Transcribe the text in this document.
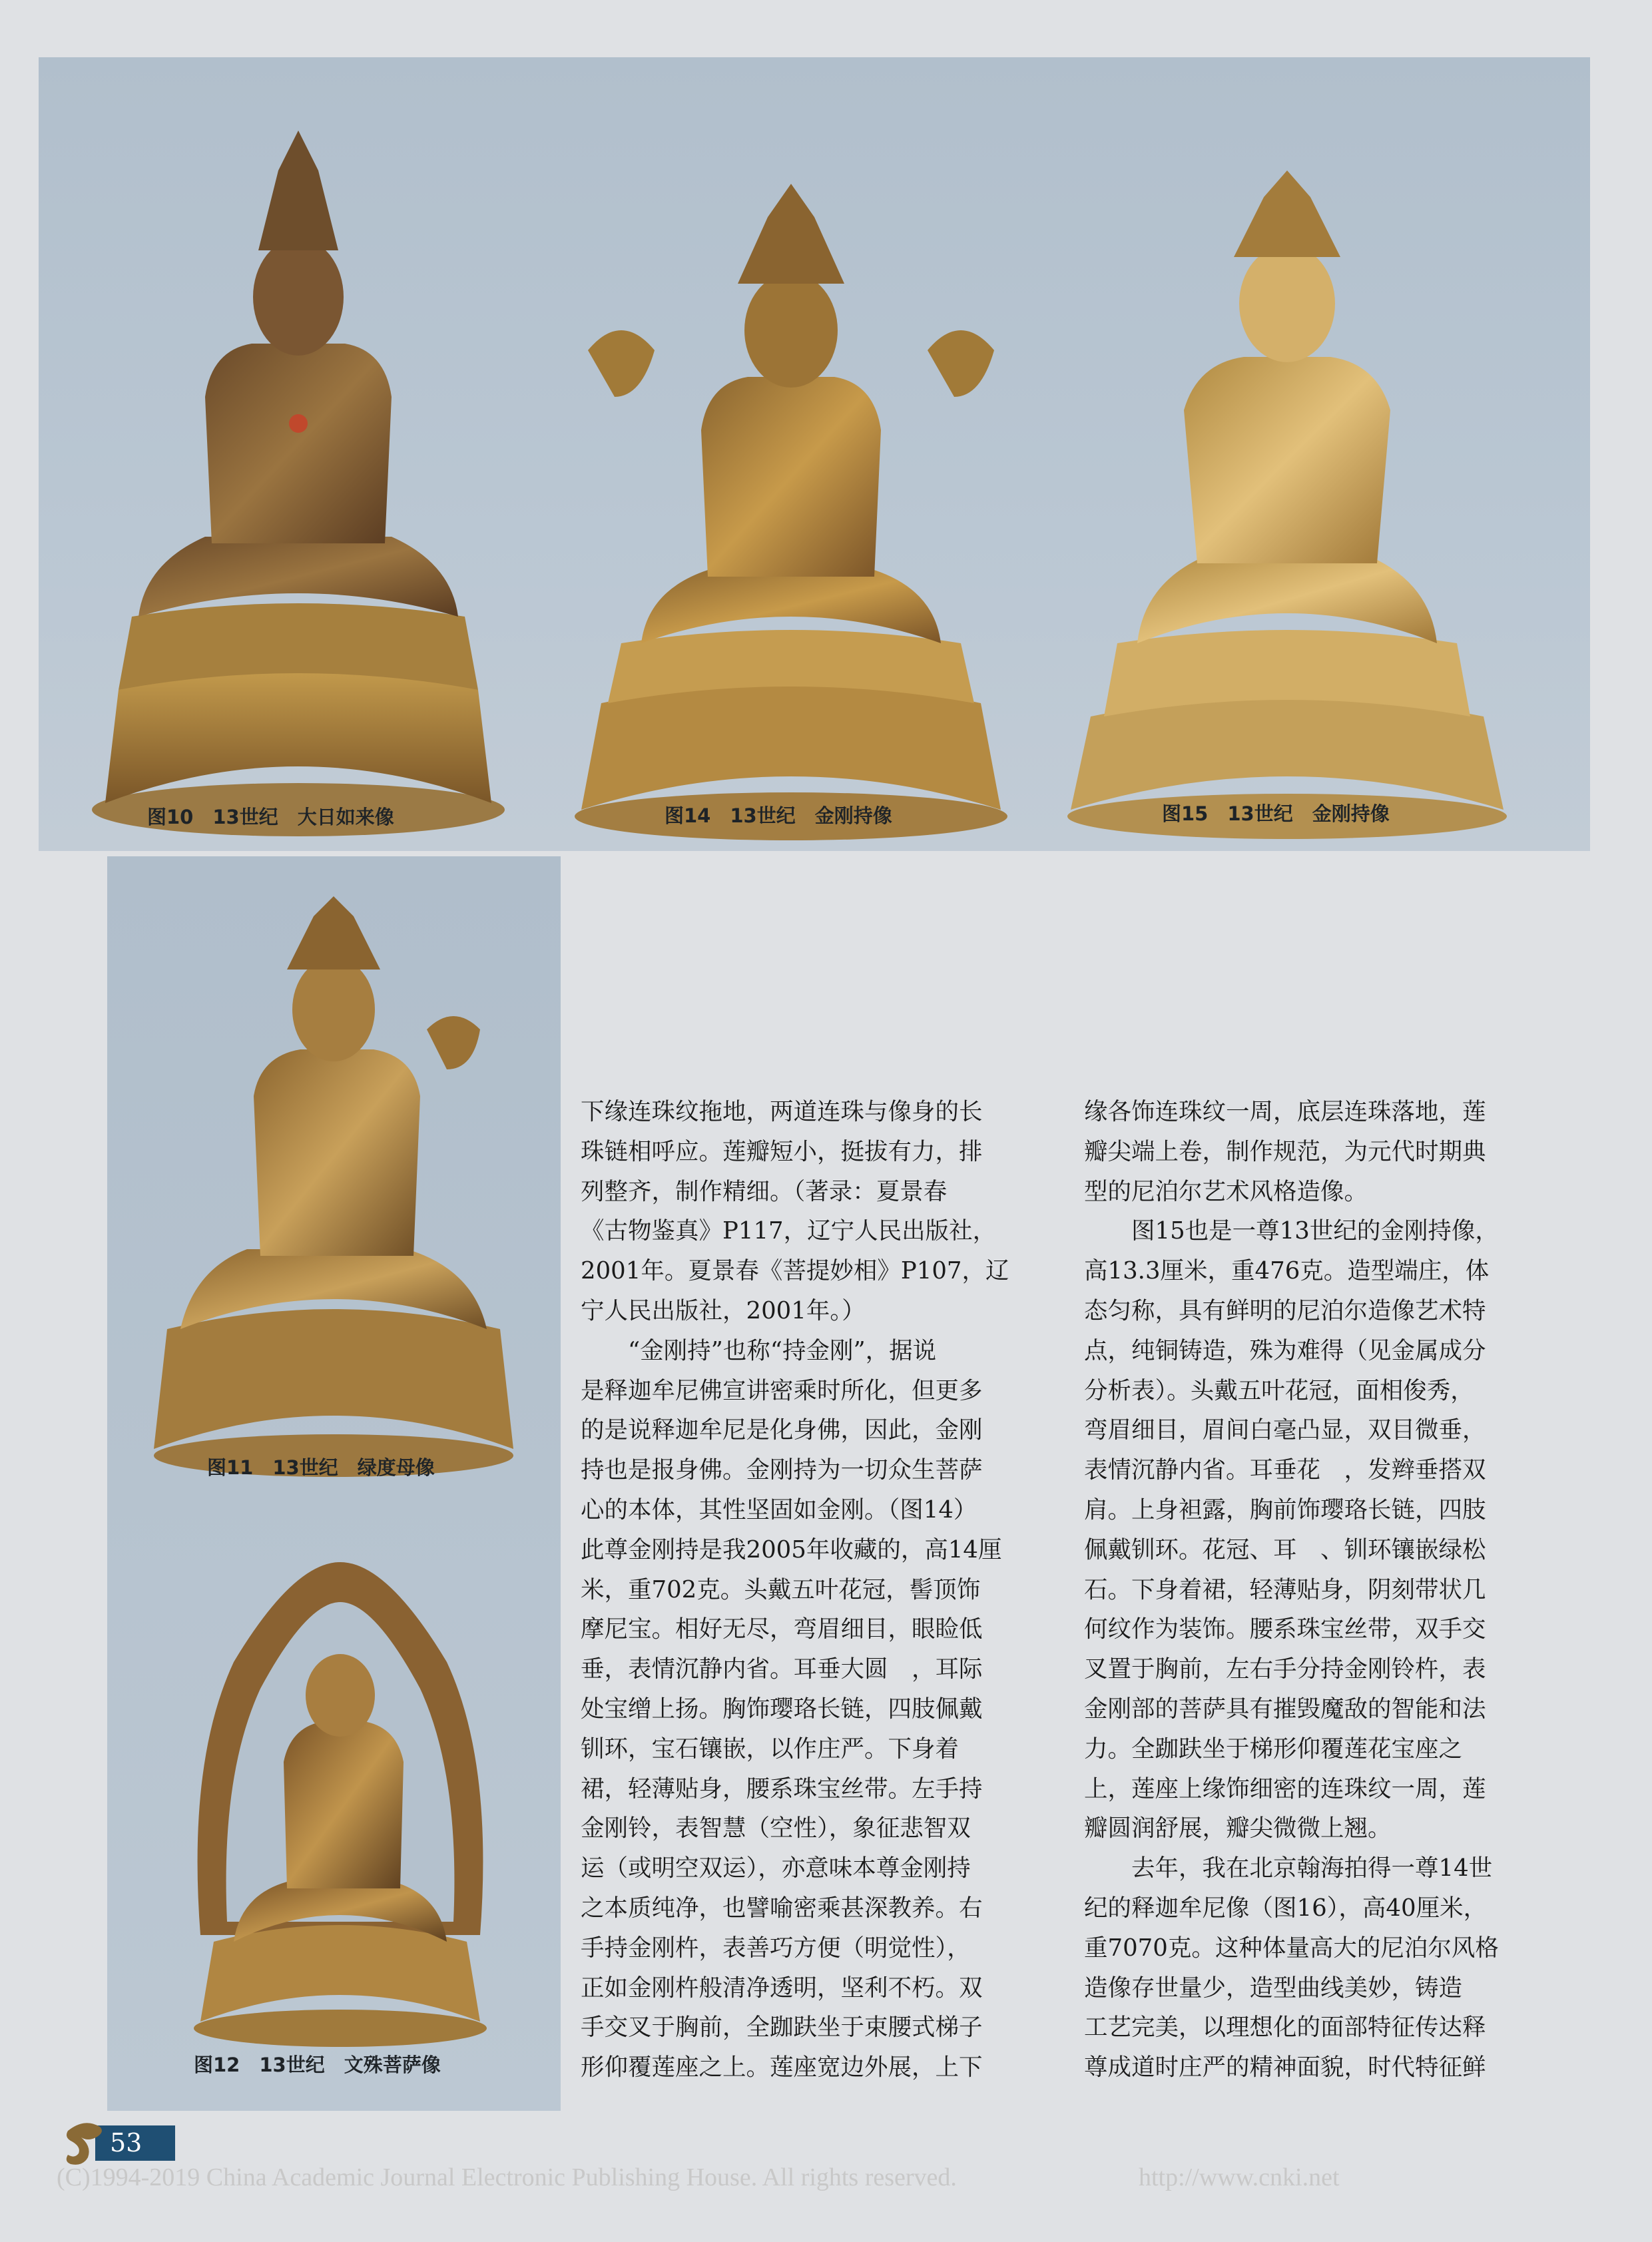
图10　13世纪　大日如来像	图14　13世纪　金刚持像	图15　13世纪　金刚持像
图11　13世纪　绿度母像
图12　13世纪　文殊菩萨像

下缘连珠纹拖地，两道连珠与像身的长

珠链相呼应。莲瓣短小，挺拔有力，排

列整齐，制作精细。（著录：夏景春

《古物鉴真》P117，辽宁人民出版社，

2001年。夏景春《菩提妙相》P107，辽

宁人民出版社，2001年。）

“金刚持”也称“持金刚”，据说

是释迦牟尼佛宣讲密乘时所化，但更多

的是说释迦牟尼是化身佛，因此，金刚

持也是报身佛。金刚持为一切众生菩萨

心的本体，其性坚固如金刚。（图14）

此尊金刚持是我2005年收藏的，高14厘

米，重702克。头戴五叶花冠，髻顶饰

摩尼宝。相好无尽，弯眉细目，眼睑低

垂，表情沉静内省。耳垂大圆　，耳际

处宝缯上扬。胸饰璎珞长链，四肢佩戴

钏环，宝石镶嵌，以作庄严。下身着

裙，轻薄贴身，腰系珠宝丝带。左手持

金刚铃，表智慧（空性），象征悲智双

运（或明空双运），亦意味本尊金刚持

之本质纯净，也譬喻密乘甚深教养。右

手持金刚杵，表善巧方便（明觉性），

正如金刚杵般清净透明，坚利不朽。双

手交叉于胸前，全跏趺坐于束腰式梯子

形仰覆莲座之上。莲座宽边外展，上下

缘各饰连珠纹一周，底层连珠落地，莲

瓣尖端上卷，制作规范，为元代时期典

型的尼泊尔艺术风格造像。

图15也是一尊13世纪的金刚持像，

高13.3厘米，重476克。造型端庄，体

态匀称，具有鲜明的尼泊尔造像艺术特

点，纯铜铸造，殊为难得（见金属成分

分析表）。头戴五叶花冠，面相俊秀，

弯眉细目，眉间白毫凸显，双目微垂，

表情沉静内省。耳垂花　，发辫垂搭双

肩。上身袒露，胸前饰璎珞长链，四肢

佩戴钏环。花冠、耳　、钏环镶嵌绿松

石。下身着裙，轻薄贴身，阴刻带状几

何纹作为装饰。腰系珠宝丝带，双手交

叉置于胸前，左右手分持金刚铃杵，表

金刚部的菩萨具有摧毁魔敌的智能和法

力。全跏趺坐于梯形仰覆莲花宝座之

上，莲座上缘饰细密的连珠纹一周，莲

瓣圆润舒展，瓣尖微微上翘。

去年，我在北京翰海拍得一尊14世

纪的释迦牟尼像（图16），高40厘米，

重7070克。这种体量高大的尼泊尔风格

造像存世量少，造型曲线美妙，铸造

工艺完美，以理想化的面部特征传达释

尊成道时庄严的精神面貌，时代特征鲜

53
(C)1994-2019 China Academic Journal Electronic Publishing House. All rights reserved.	http://www.cnki.net
